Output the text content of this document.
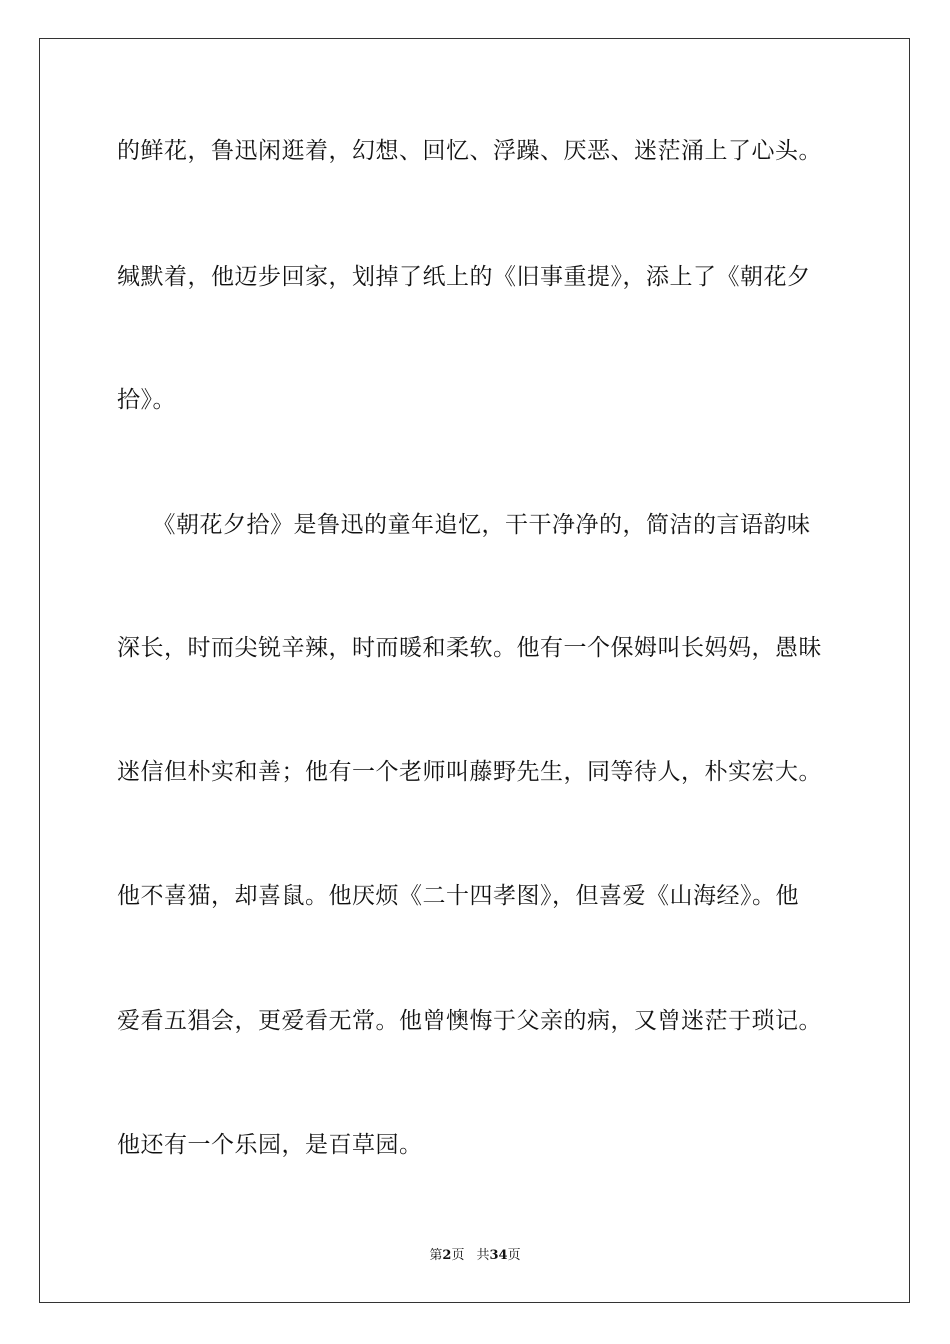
的鲜花，鲁迅闲逛着，幻想、回忆、浮躁、厌恶、迷茫涌上了心头。
缄默着，他迈步回家，划掉了纸上的《旧事重提》，添上了《朝花夕
拾》。
　　《朝花夕拾》是鲁迅的童年追忆，干干净净的，简洁的言语韵味
深长，时而尖锐辛辣，时而暖和柔软。他有一个保姆叫长妈妈，愚昧
迷信但朴实和善；他有一个老师叫藤野先生，同等待人，朴实宏大。
他不喜猫，却喜鼠。他厌烦《二十四孝图》，但喜爱《山海经》。他
爱看五猖会，更爱看无常。他曾懊悔于父亲的病，又曾迷茫于琐记。
他还有一个乐园，是百草园。
第2页 共34页
